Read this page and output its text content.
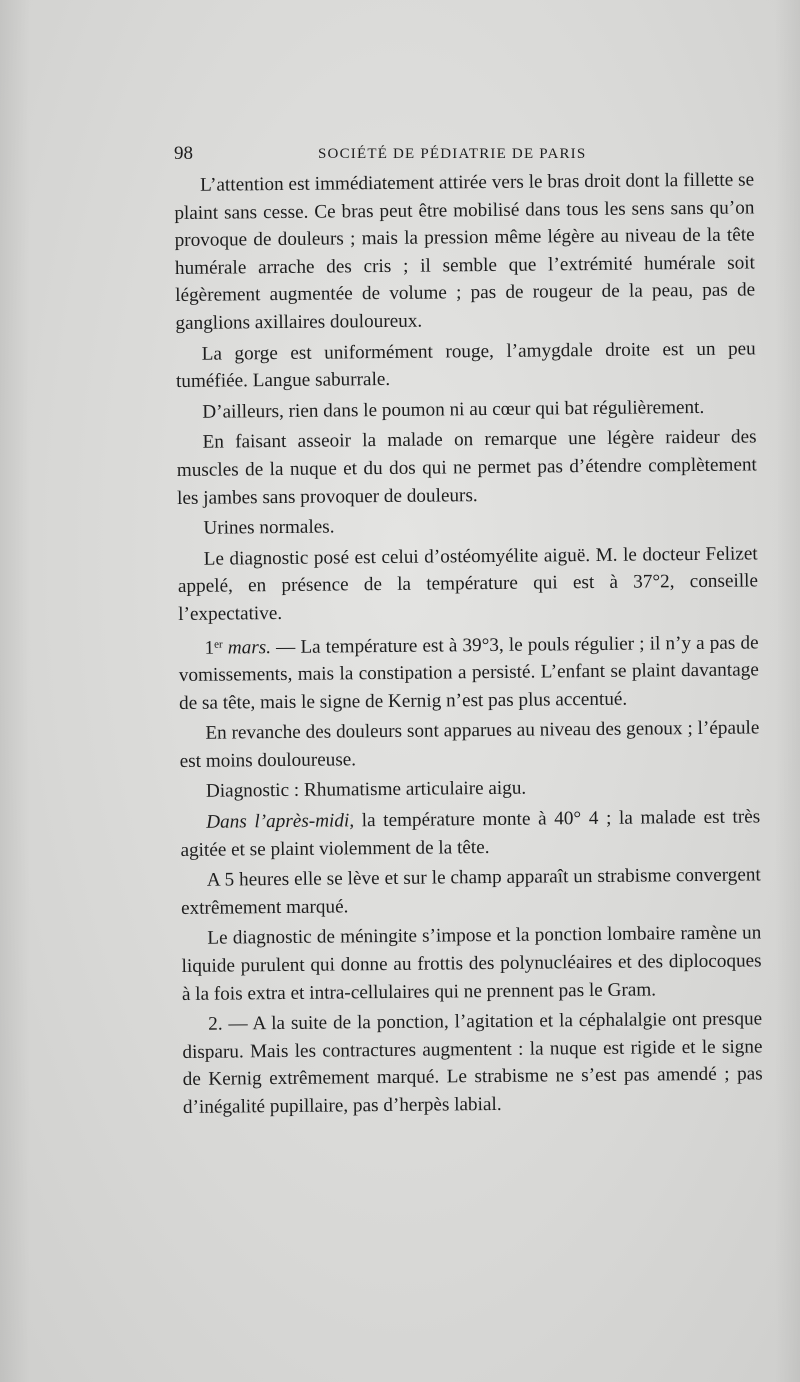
98	SOCIÉTÉ DE PÉDIATRIE DE PARIS

L’attention est immédiatement attirée vers le bras droit dont la fillette se plaint sans cesse. Ce bras peut être mobilisé dans tous les sens sans qu’on provoque de douleurs ; mais la pression même légère au niveau de la tête humérale arrache des cris ; il semble que l’extrémité humérale soit légèrement augmentée de volume ; pas de rougeur de la peau, pas de ganglions axillaires douloureux.

La gorge est uniformément rouge, l’amygdale droite est un peu tuméfiée. Langue saburrale.

D’ailleurs, rien dans le poumon ni au cœur qui bat régulièrement.

En faisant asseoir la malade on remarque une légère raideur des muscles de la nuque et du dos qui ne permet pas d’étendre complètement les jambes sans provoquer de douleurs.

Urines normales.

Le diagnostic posé est celui d’ostéomyélite aiguë. M. le docteur Felizet appelé, en présence de la température qui est à 37°2, conseille l’expectative.

1er mars. — La température est à 39°3, le pouls régulier ; il n’y a pas de vomissements, mais la constipation a persisté. L’enfant se plaint davantage de sa tête, mais le signe de Kernig n’est pas plus accentué.

En revanche des douleurs sont apparues au niveau des genoux ; l’épaule est moins douloureuse.

Diagnostic : Rhumatisme articulaire aigu.

Dans l’après-midi, la température monte à 40° 4 ; la malade est très agitée et se plaint violemment de la tête.

A 5 heures elle se lève et sur le champ apparaît un strabisme convergent extrêmement marqué.

Le diagnostic de méningite s’impose et la ponction lombaire ramène un liquide purulent qui donne au frottis des polynucléaires et des diplocoques à la fois extra et intra-cellulaires qui ne prennent pas le Gram.

2. — A la suite de la ponction, l’agitation et la céphalalgie ont presque disparu. Mais les contractures augmentent : la nuque est rigide et le signe de Kernig extrêmement marqué. Le strabisme ne s’est pas amendé ; pas d’inégalité pupillaire, pas d’herpès labial.
